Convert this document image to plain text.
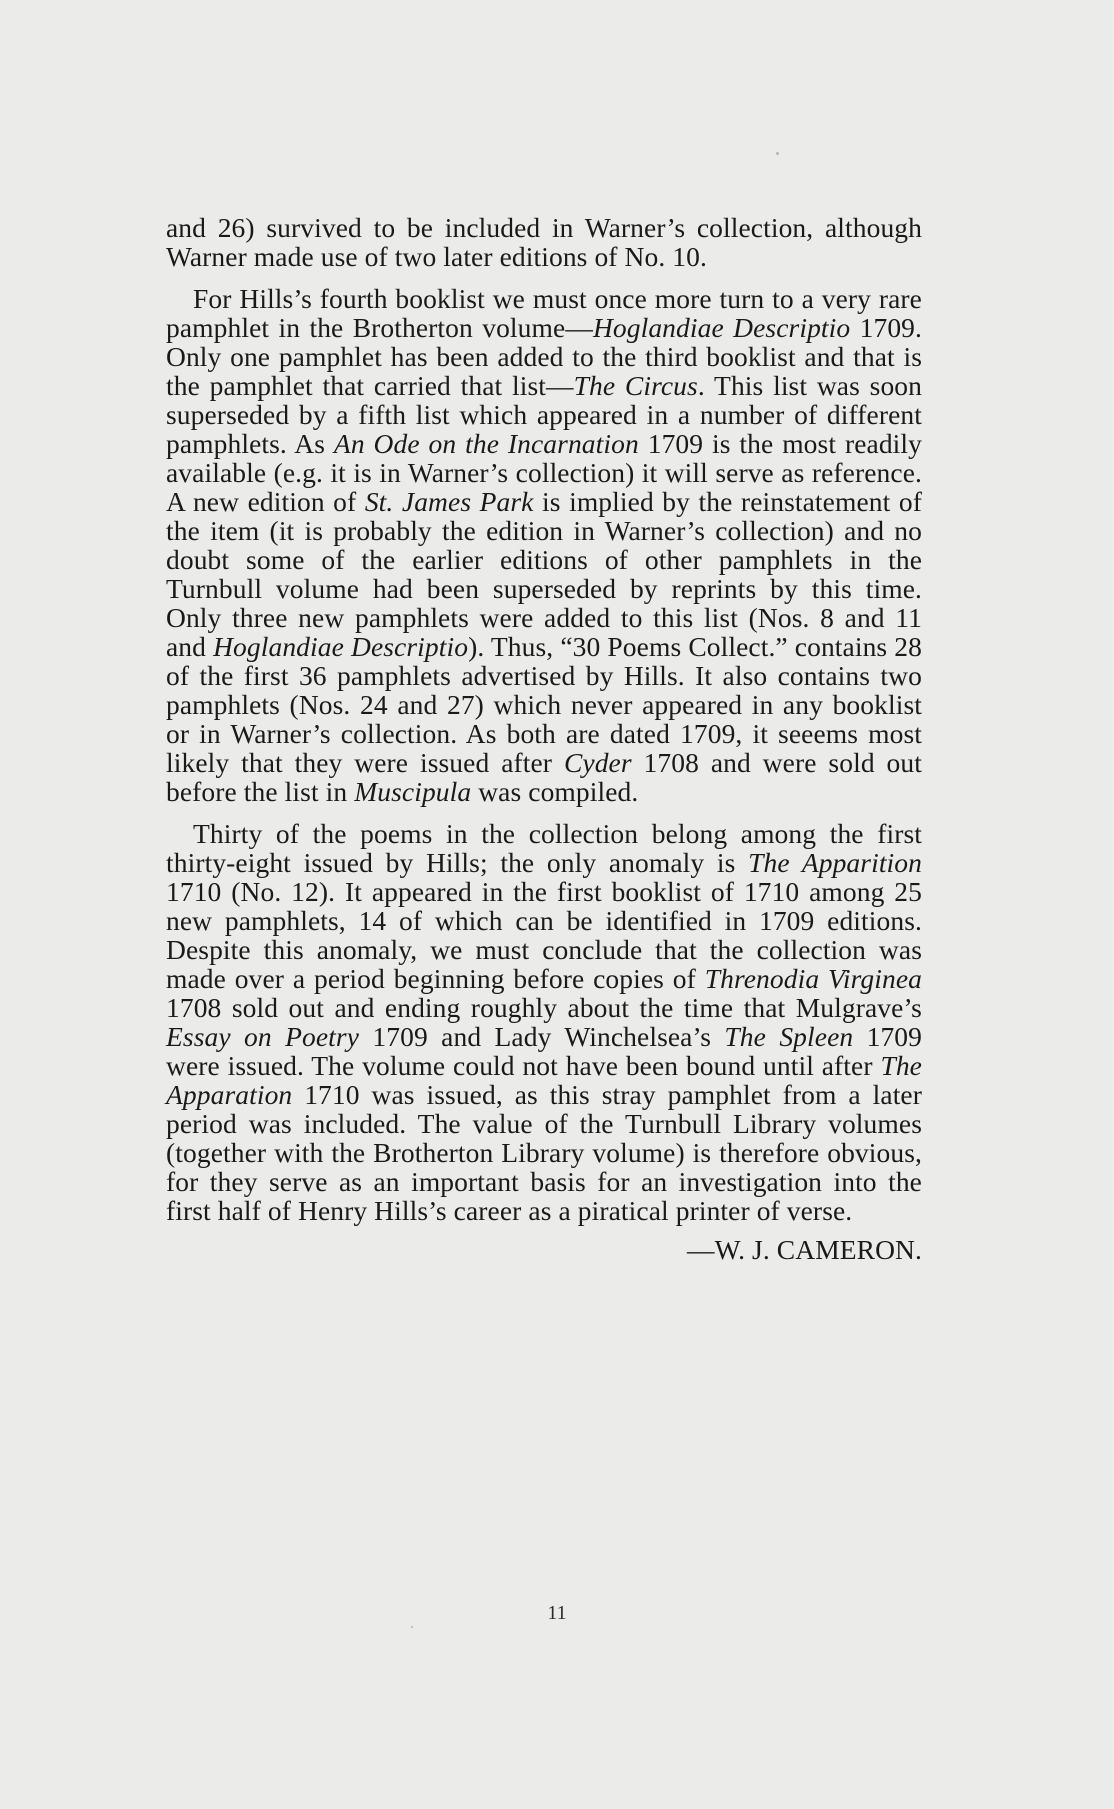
and 26) survived to be included in Warner’s collection, although Warner made use of two later editions of No. 10.

For Hills’s fourth booklist we must once more turn to a very rare pamphlet in the Brotherton volume—Hoglandiae Descriptio 1709. Only one pamphlet has been added to the third booklist and that is the pamphlet that carried that list—The Circus. This list was soon superseded by a fifth list which appeared in a number of different pamphlets. As An Ode on the Incarnation 1709 is the most readily available (e.g. it is in Warner’s collection) it will serve as reference. A new edition of St. James Park is implied by the reinstatement of the item (it is probably the edition in Warner’s collection) and no doubt some of the earlier editions of other pamphlets in the Turnbull volume had been superseded by reprints by this time. Only three new pamphlets were added to this list (Nos. 8 and 11 and Hoglandiae Descriptio). Thus, “30 Poems Collect.” contains 28 of the first 36 pamphlets advertised by Hills. It also contains two pamphlets (Nos. 24 and 27) which never appeared in any booklist or in Warner’s collection. As both are dated 1709, it seeems most likely that they were issued after Cyder 1708 and were sold out before the list in Muscipula was compiled.

Thirty of the poems in the collection belong among the first thirty-eight issued by Hills; the only anomaly is The Apparition 1710 (No. 12). It appeared in the first booklist of 1710 among 25 new pamphlets, 14 of which can be identified in 1709 editions. Despite this anomaly, we must conclude that the collection was made over a period beginning before copies of Threnodia Virginea 1708 sold out and ending roughly about the time that Mulgrave’s Essay on Poetry 1709 and Lady Winchelsea’s The Spleen 1709 were issued. The volume could not have been bound until after The Apparation 1710 was issued, as this stray pamphlet from a later period was included. The value of the Turnbull Library volumes (together with the Brotherton Library volume) is therefore obvious, for they serve as an important basis for an investigation into the first half of Henry Hills’s career as a piratical printer of verse.

—W. J. CAMERON.
11
